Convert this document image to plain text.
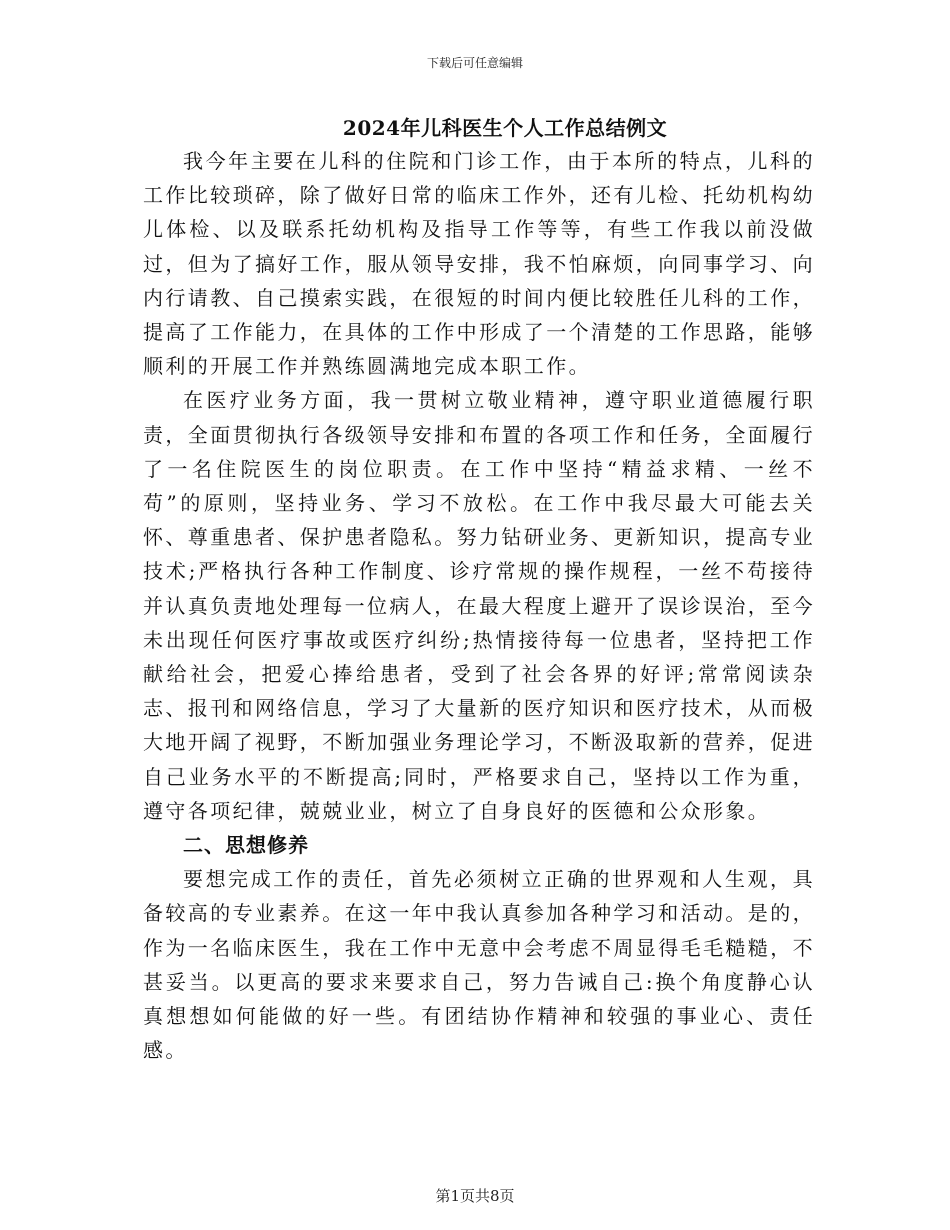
下载后可任意编辑
2024年儿科医生个人工作总结例文

我今年主要在儿科的住院和门诊工作，由于本所的特点，儿科的工作比较琐碎，除了做好日常的临床工作外，还有儿检、托幼机构幼儿体检、以及联系托幼机构及指导工作等等，有些工作我以前没做过，但为了搞好工作，服从领导安排，我不怕麻烦，向同事学习、向内行请教、自己摸索实践，在很短的时间内便比较胜任儿科的工作，提高了工作能力，在具体的工作中形成了一个清楚的工作思路，能够顺利的开展工作并熟练圆满地完成本职工作。

在医疗业务方面，我一贯树立敬业精神，遵守职业道德履行职责，全面贯彻执行各级领导安排和布置的各项工作和任务，全面履行了一名住院医生的岗位职责。在工作中坚持“精益求精、一丝不苟”的原则，坚持业务、学习不放松。在工作中我尽最大可能去关怀、尊重患者、保护患者隐私。努力钻研业务、更新知识，提高专业技术;严格执行各种工作制度、诊疗常规的操作规程，一丝不苟接待并认真负责地处理每一位病人，在最大程度上避开了误诊误治，至今未出现任何医疗事故或医疗纠纷;热情接待每一位患者，坚持把工作献给社会，把爱心捧给患者，受到了社会各界的好评;常常阅读杂志、报刊和网络信息，学习了大量新的医疗知识和医疗技术，从而极大地开阔了视野，不断加强业务理论学习，不断汲取新的营养，促进自己业务水平的不断提高;同时，严格要求自己，坚持以工作为重，遵守各项纪律，兢兢业业，树立了自身良好的医德和公众形象。

二、思想修养

要想完成工作的责任，首先必须树立正确的世界观和人生观，具备较高的专业素养。在这一年中我认真参加各种学习和活动。是的，作为一名临床医生，我在工作中无意中会考虑不周显得毛毛糙糙，不甚妥当。以更高的要求来要求自己，努力告诫自己:换个角度静心认真想想如何能做的好一些。有团结协作精神和较强的事业心、责任感。

第1页共8页
